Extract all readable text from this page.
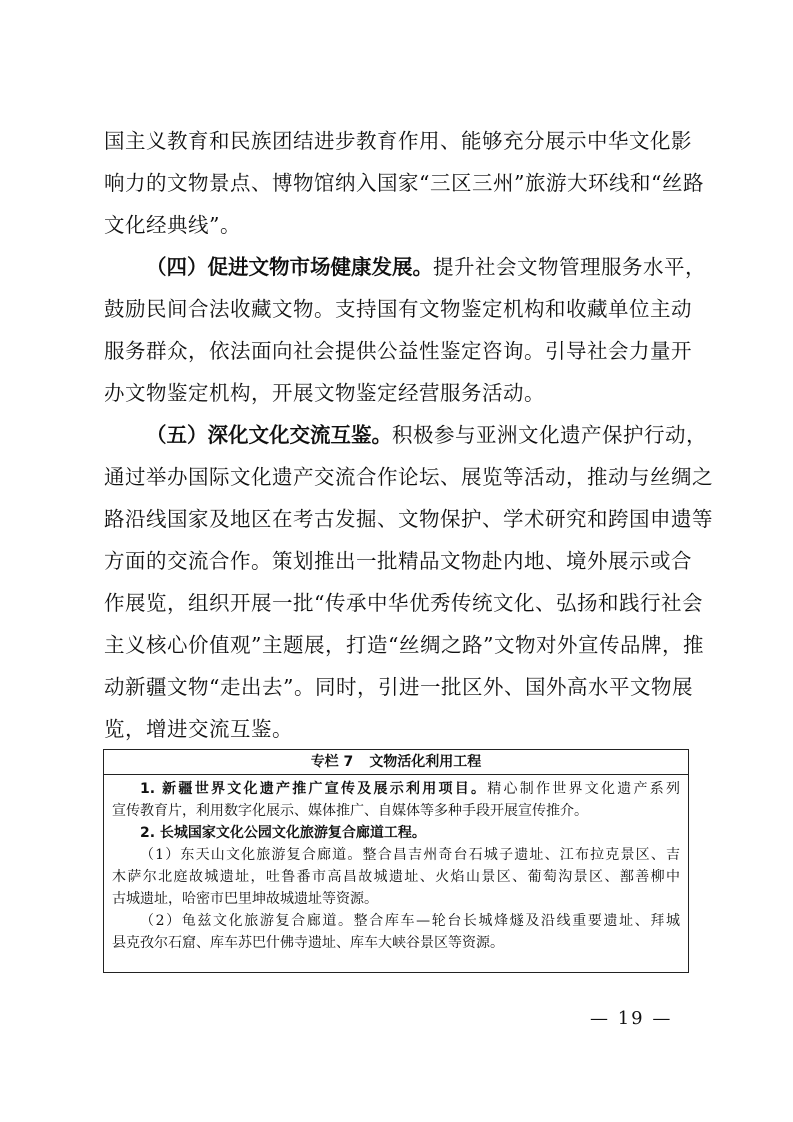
国主义教育和民族团结进步教育作用、能够充分展示中华文化影
响力的文物景点、博物馆纳入国家“三区三州”旅游大环线和“丝路
文化经典线”。
（四）促进文物市场健康发展。提升社会文物管理服务水平，
鼓励民间合法收藏文物。支持国有文物鉴定机构和收藏单位主动
服务群众，依法面向社会提供公益性鉴定咨询。引导社会力量开
办文物鉴定机构，开展文物鉴定经营服务活动。
（五）深化文化交流互鉴。积极参与亚洲文化遗产保护行动，
通过举办国际文化遗产交流合作论坛、展览等活动，推动与丝绸之
路沿线国家及地区在考古发掘、文物保护、学术研究和跨国申遗等
方面的交流合作。策划推出一批精品文物赴内地、境外展示或合
作展览，组织开展一批“传承中华优秀传统文化、弘扬和践行社会
主义核心价值观”主题展，打造“丝绸之路”文物对外宣传品牌，推
动新疆文物“走出去”。同时，引进一批区外、国外高水平文物展
览，增进交流互鉴。
专栏 7 文物活化利用工程
1. 新疆世界文化遗产推广宣传及展示利用项目。精心制作世界文化遗产系列
宣传教育片，利用数字化展示、媒体推广、自媒体等多种手段开展宣传推介。
2. 长城国家文化公园文化旅游复合廊道工程。
（1）东天山文化旅游复合廊道。整合昌吉州奇台石城子遗址、江布拉克景区、吉
木萨尔北庭故城遗址，吐鲁番市高昌故城遗址、火焰山景区、葡萄沟景区、鄯善柳中
古城遗址，哈密市巴里坤故城遗址等资源。
（2）龟兹文化旅游复合廊道。整合库车—轮台长城烽燧及沿线重要遗址、拜城
县克孜尔石窟、库车苏巴什佛寺遗址、库车大峡谷景区等资源。
— 19 —
